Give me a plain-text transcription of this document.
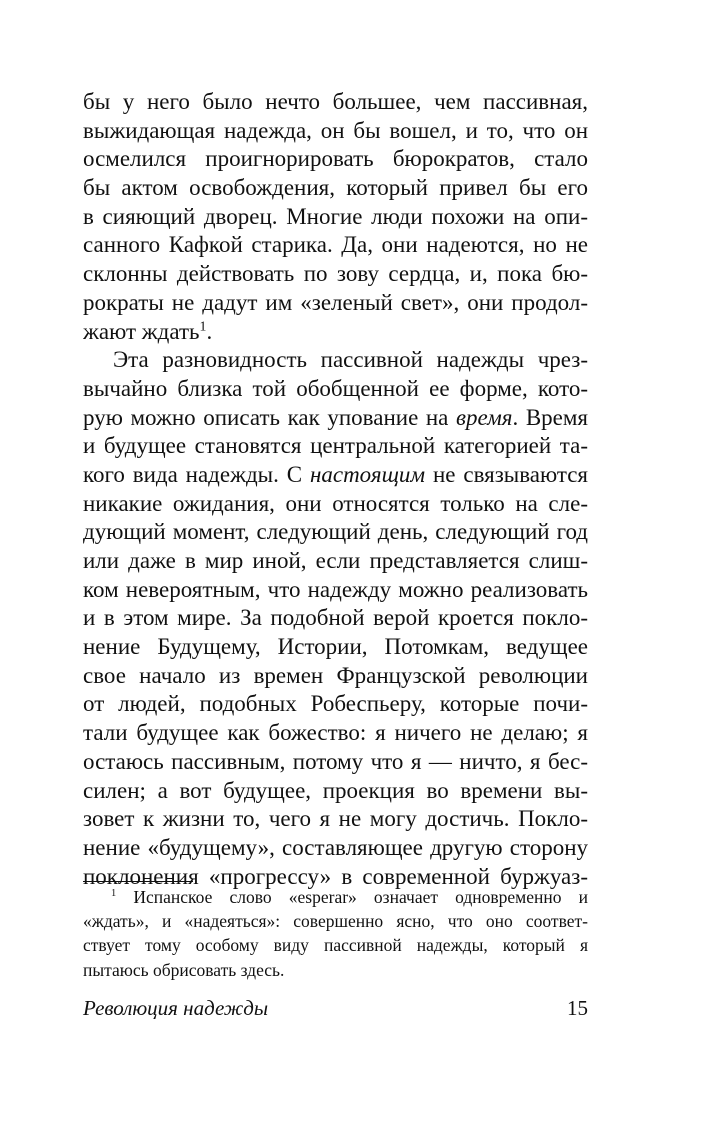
бы у него было нечто большее, чем пассивная,
выжидающая надежда, он бы вошел, и то, что он
осмелился проигнорировать бюрократов, стало
бы актом освобождения, который привел бы его
в сияющий дворец. Многие люди похожи на опи-
санного Кафкой старика. Да, они надеются, но не
склонны действовать по зову сердца, и, пока бю-
рократы не дадут им «зеленый свет», они продол-
жают ждать$^1$.
Эта разновидность пассивной надежды чрез-
вычайно близка той обобщенной ее форме, кото-
рую можно описать как упование на время. Время
и будущее становятся центральной категорией та-
кого вида надежды. С настоящим не связываются
никакие ожидания, они относятся только на сле-
дующий момент, следующий день, следующий год
или даже в мир иной, если представляется слиш-
ком невероятным, что надежду можно реализовать
и в этом мире. За подобной верой кроется покло-
нение Будущему, Истории, Потомкам, ведущее
свое начало из времен Французской революции
от людей, подобных Робеспьеру, которые почи-
тали будущее как божество: я ничего не делаю; я
остаюсь пассивным, потому что я — ничто, я бес-
силен; а вот будущее, проекция во времени вы-
зовет к жизни то, чего я не могу достичь. Покло-
нение «будущему», составляющее другую сторону
поклонения «прогрессу» в современной буржуаз-
$^1$ Испанское слово «esperar» означает одновременно и
«ждать», и «надеяться»: совершенно ясно, что оно соответ-
ствует тому особому виду пассивной надежды, который я
пытаюсь обрисовать здесь.
Революция надежды	15
